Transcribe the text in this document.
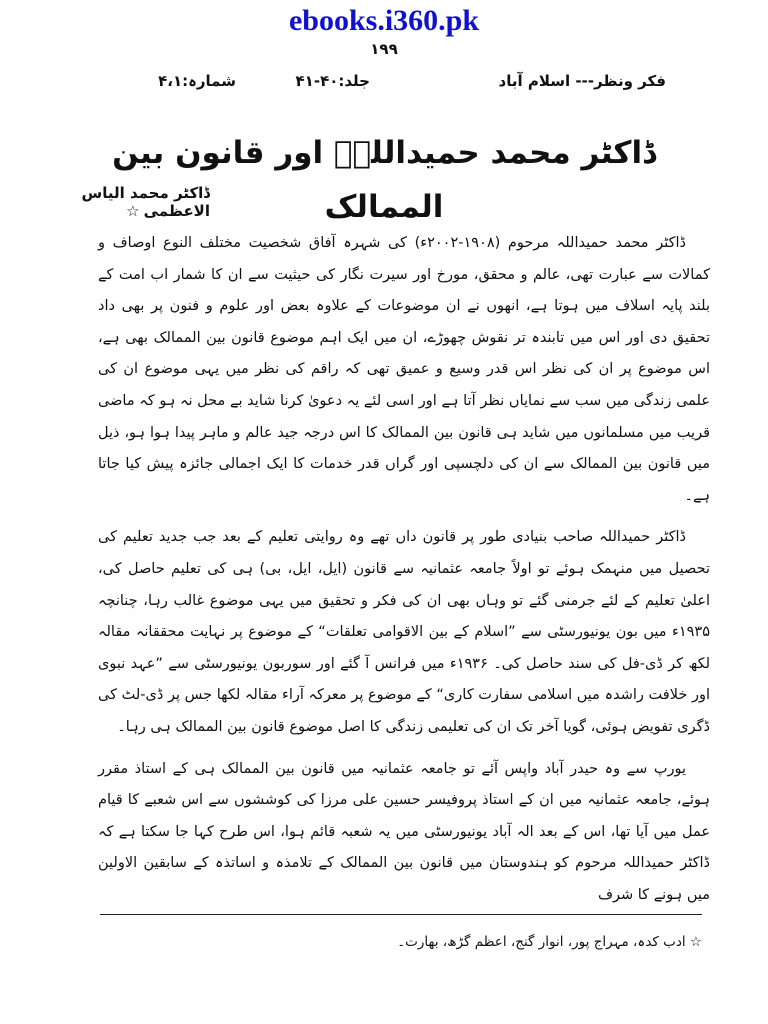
ebooks.i360.pk
۱۹۹
فکر ونظر--- اسلام آباد
جلد:۴۰-۴۱
شمارہ:۴،۱
ڈاکٹر محمد حمیداللہؒ اور قانون بین الممالک
ڈاکٹر محمد الیاس الاعظمی☆

ڈاکٹر محمد حمیداللہ مرحوم (۱۹۰۸-۲۰۰۲ء) کی شہرہ آفاق شخصیت مختلف النوع اوصاف و کمالات سے عبارت تھی، عالم و محقق، مورخ اور سیرت نگار کی حیثیت سے ان کا شمار اب امت کے بلند پایہ اسلاف میں ہوتا ہے، انھوں نے ان موضوعات کے علاوہ بعض اور علوم و فنون پر بھی داد تحقیق دی اور اس میں تابندہ تر نقوش چھوڑے، ان میں ایک اہم موضوع قانون بین الممالک بھی ہے، اس موضوع پر ان کی نظر اس قدر وسیع و عمیق تھی کہ راقم کی نظر میں یہی موضوع ان کی علمی زندگی میں سب سے نمایاں نظر آتا ہے اور اسی لئے یہ دعویٰ کرنا شاید بے محل نہ ہو کہ ماضی قریب میں مسلمانوں میں شاید ہی قانون بین الممالک کا اس درجہ جید عالم و ماہر پیدا ہوا ہو، ذیل میں قانون بین الممالک سے ان کی دلچسپی اور گراں قدر خدمات کا ایک اجمالی جائزہ پیش کیا جاتا ہے۔

ڈاکٹر حمیداللہ صاحب بنیادی طور پر قانون داں تھے وہ روایتی تعلیم کے بعد جب جدید تعلیم کی تحصیل میں منہمک ہوئے تو اولاً جامعہ عثمانیہ سے قانون (ایل، ایل، بی) ہی کی تعلیم حاصل کی، اعلیٰ تعلیم کے لئے جرمنی گئے تو وہاں بھی ان کی فکر و تحقیق میں یہی موضوع غالب رہا، چنانچہ ۱۹۳۵ء میں بون یونیورسٹی سے ”اسلام کے بین الاقوامی تعلقات“ کے موضوع پر نہایت محققانہ مقالہ لکھ کر ڈی-فل کی سند حاصل کی۔ ۱۹۳۶ء میں فرانس آ گئے اور سوربون یونیورسٹی سے ”عہد نبوی اور خلافت راشدہ میں اسلامی سفارت کاری“ کے موضوع پر معرکہ آراء مقالہ لکھا جس پر ڈی-لٹ کی ڈگری تفویض ہوئی، گویا آخر تک ان کی تعلیمی زندگی کا اصل موضوع قانون بین الممالک ہی رہا۔

یورپ سے وہ حیدر آباد واپس آئے تو جامعہ عثمانیہ میں قانون بین الممالک ہی کے استاذ مقرر ہوئے، جامعہ عثمانیہ میں ان کے استاذ پروفیسر حسین علی مرزا کی کوششوں سے اس شعبے کا قیام عمل میں آیا تھا، اس کے بعد الہ آباد یونیورسٹی میں یہ شعبہ قائم ہوا، اس طرح کہا جا سکتا ہے کہ ڈاکٹر حمیداللہ مرحوم کو ہندوستان میں قانون بین الممالک کے تلامذہ و اساتذہ کے سابقین الاولین میں ہونے کا شرف

☆ ادب کدہ، مہراج پور، انوار گنج، اعظم گڑھ، بھارت۔
